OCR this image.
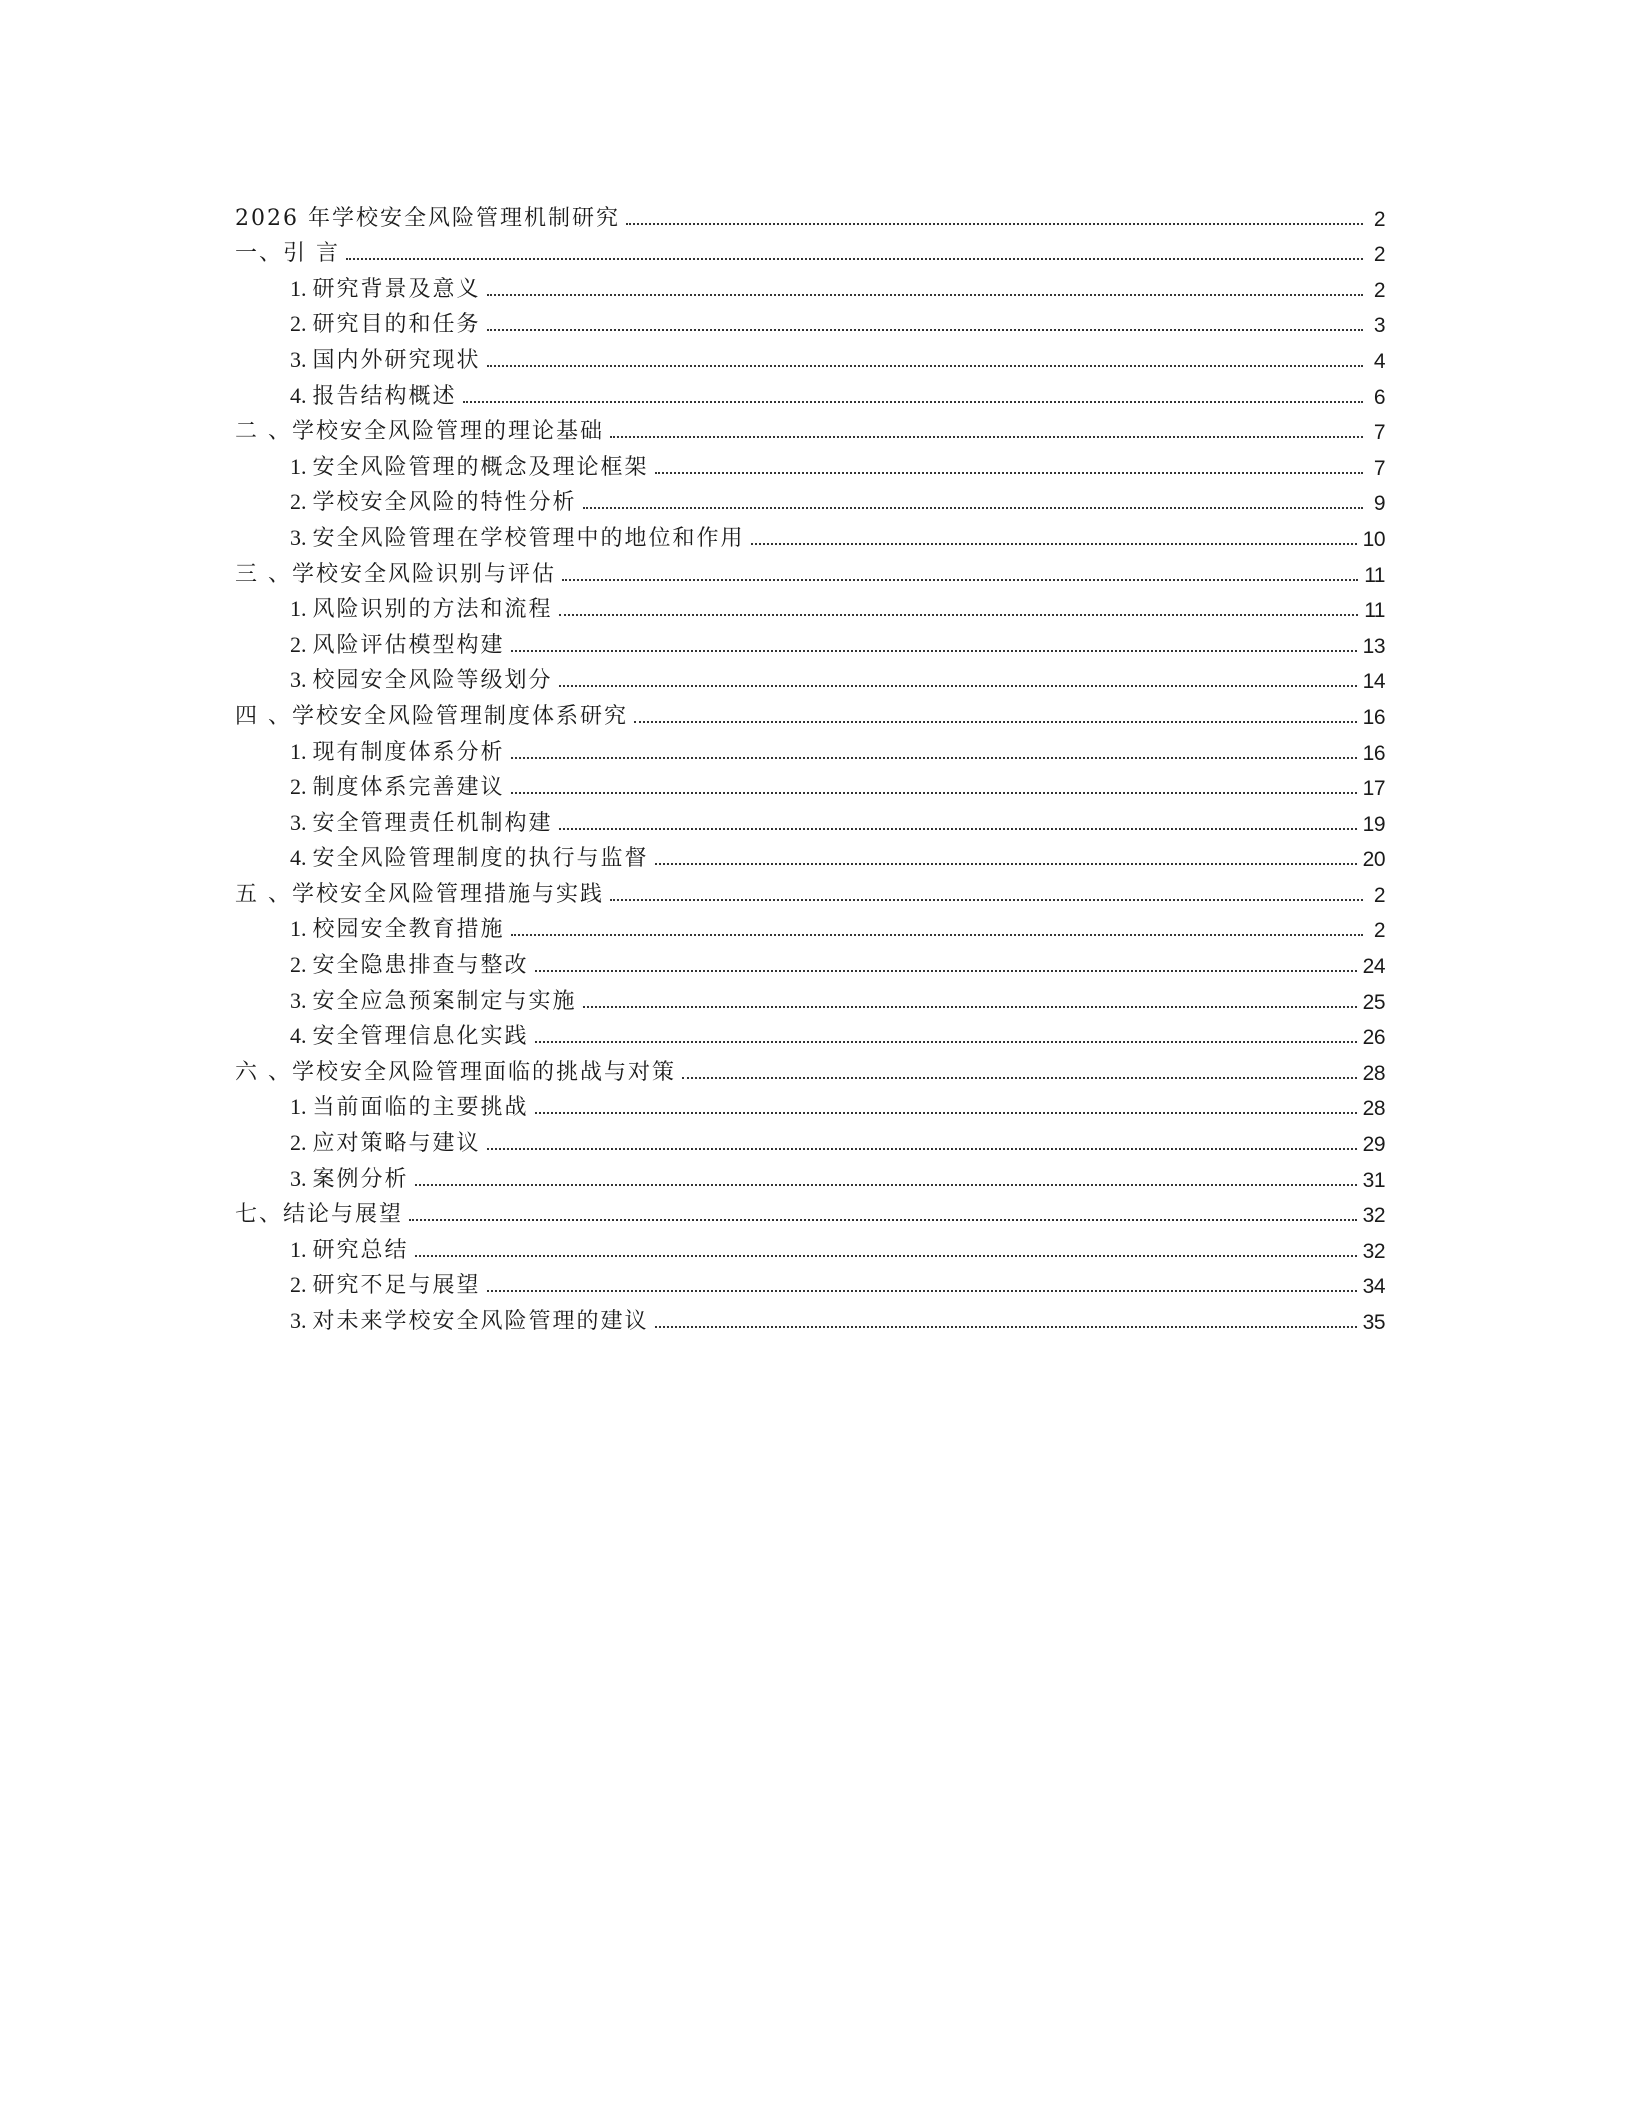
2026 年学校安全风险管理机制研究	2
一、引 言	2
1. 研究背景及意义	2
2. 研究目的和任务	3
3. 国内外研究现状	4
4. 报告结构概述	6
二 、学校安全风险管理的理论基础	7
1. 安全风险管理的概念及理论框架	7
2. 学校安全风险的特性分析	9
3. 安全风险管理在学校管理中的地位和作用	10
三 、学校安全风险识别与评估	11
1. 风险识别的方法和流程	11
2. 风险评估模型构建	13
3. 校园安全风险等级划分	14
四 、学校安全风险管理制度体系研究	16
1. 现有制度体系分析	16
2. 制度体系完善建议	17
3. 安全管理责任机制构建	19
4. 安全风险管理制度的执行与监督	20
五 、学校安全风险管理措施与实践	2
1. 校园安全教育措施	2
2. 安全隐患排查与整改	24
3. 安全应急预案制定与实施	25
4. 安全管理信息化实践	26
六 、学校安全风险管理面临的挑战与对策	28
1. 当前面临的主要挑战	28
2. 应对策略与建议	29
3. 案例分析	31
七、结论与展望	32
1. 研究总结	32
2. 研究不足与展望	34
3. 对未来学校安全风险管理的建议	35
